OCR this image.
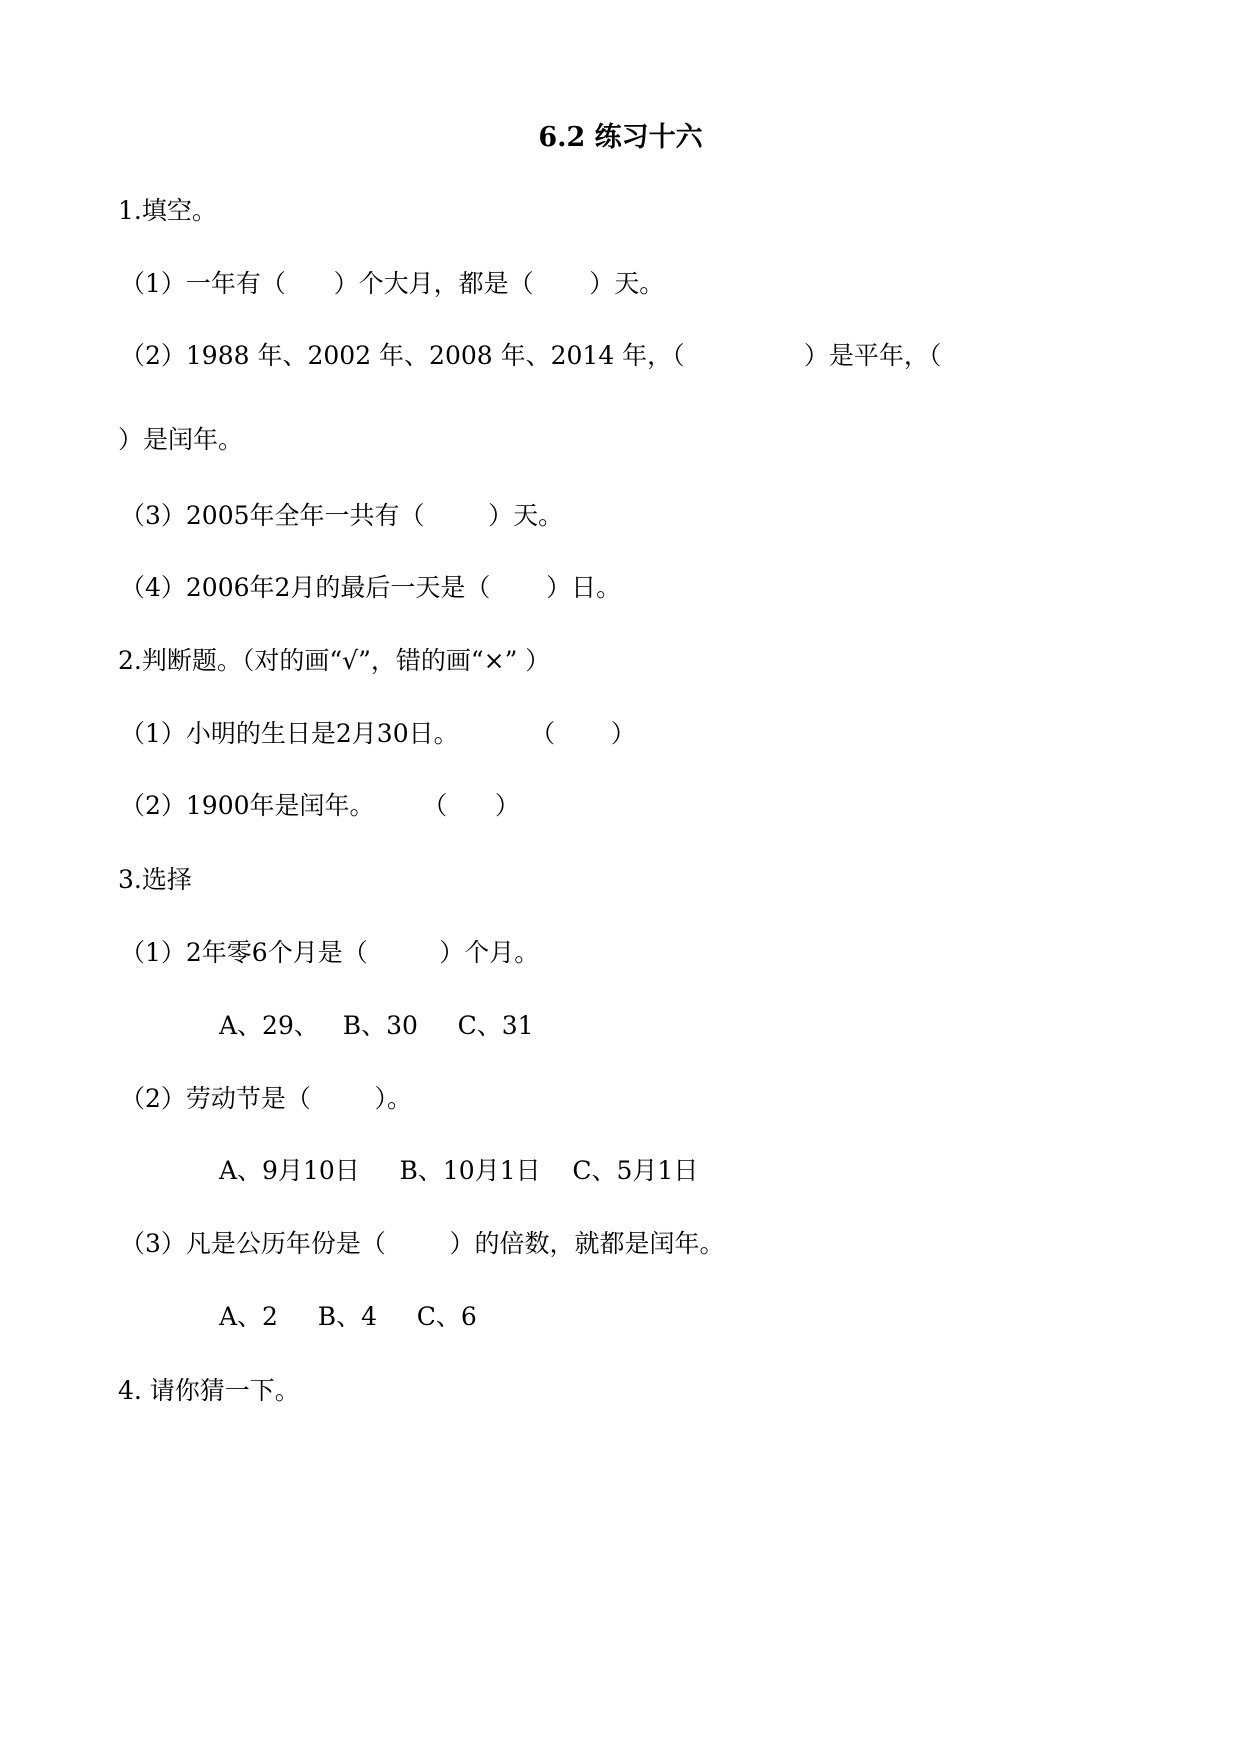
6.2 练习十六
1.填空。
（1）一年有（      ）个大月，都是（       ）天。
（2）1988 年、2002 年、2008 年、2014 年，（               ）是平年，（
）是闰年。
（3）2005年全年一共有（        ）天。
（4）2006年2月的最后一天是（       ）日。
2.判断题。（对的画“√”，错的画“×” ）
（1）小明的生日是2月30日。         （       ）
（2）1900年是闰年。      （      ）
3.选择
（1）2年零6个月是（         ）个月。
A、29、   B、30     C、31
（2）劳动节是（        ）。
A、9月10日     B、10月1日    C、5月1日
（3）凡是公历年份是（        ）的倍数，就都是闰年。
A、2     B、4     C、6
4. 请你猜一下。
